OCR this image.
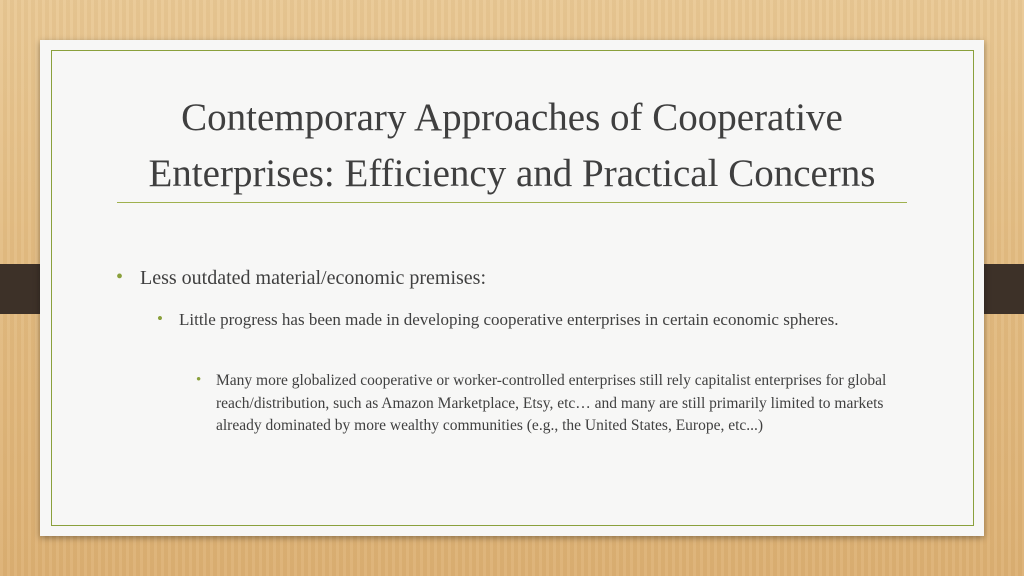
Contemporary Approaches of Cooperative Enterprises: Efficiency and Practical Concerns
• Less outdated material/economic premises:
• Little progress has been made in developing cooperative enterprises in certain economic spheres.
• Many more globalized cooperative or worker-controlled enterprises still rely capitalist enterprises for global reach/distribution, such as Amazon Marketplace, Etsy, etc… and many are still primarily limited to markets already dominated by more wealthy communities (e.g., the United States, Europe, etc...)
